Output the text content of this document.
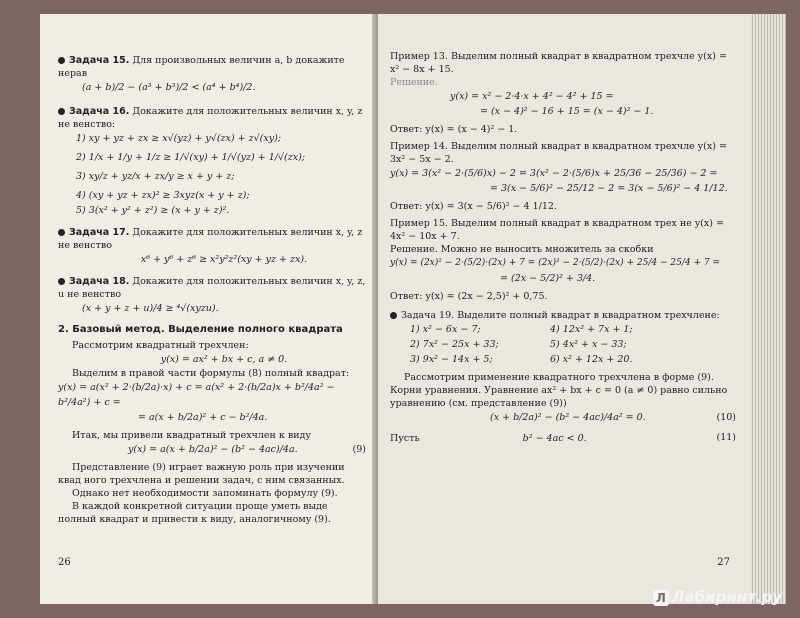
Задача 15. Для произвольных величин a, b докажите нерав
(a + b)/2 − (a³ + b³)/2 < (a⁴ + b⁴)/2.
Задача 16. Докажите для положительных величин x, y, z не венство:
1) xy + yz + zx ≥ x√(yz) + y√(zx) + z√(xy);
2) 1/x + 1/y + 1/z ≥ 1/√(xy) + 1/√(yz) + 1/√(zx);
3) xy/z + yz/x + zx/y ≥ x + y + z;
4) (xy + yz + zx)² ≥ 3xyz(x + y + z);
5) 3(x² + y² + z²) ≥ (x + y + z)².
Задача 17. Докажите для положительных величин x, y, z не венство
x⁶ + y⁶ + z⁶ ≥ x²y²z²(xy + yz + zx).
Задача 18. Докажите для положительных величин x, y, z, u не венство
(x + y + z + u)/4 ≥ ⁴√(xyzu).
2. Базовый метод. Выделение полного квадрата
Рассмотрим квадратный трехчлен:
y(x) = ax² + bx + c, a ≠ 0.
Выделим в правой части формулы (8) полный квадрат:
y(x) = a(x² + 2·(b/2a)·x) + c = a(x² + 2·(b/2a)x + b²/4a² − b²/4a²) + c =
= a(x + b/2a)² + c − b²/4a.
Итак, мы привели квадратный трехчлен к виду
y(x) = a(x + b/2a)² − (b² − 4ac)/4a.	(9)
Представление (9) играет важную роль при изучении квад ного трехчлена и решении задач, с ним связанных.
Однако нет необходимости запоминать формулу (9).
В каждой конкретной ситуации проще уметь выде полный квадрат и привести к виду, аналогичному (9).
26
Пример 13. Выделим полный квадрат в квадратном трехчле y(x) = x² − 8x + 15.
Решение.
y(x) = x² − 2·4·x + 4² − 4² + 15 =
= (x − 4)² − 16 + 15 = (x − 4)² − 1.
Ответ: y(x) = (x − 4)² − 1.
Пример 14. Выделим полный квадрат в квадратном трехчле y(x) = 3x² − 5x − 2.
y(x) = 3(x² − 2·(5/6)x) − 2 = 3(x² − 2·(5/6)x + 25/36 − 25/36) − 2 =
= 3(x − 5/6)² − 25/12 − 2 = 3(x − 5/6)² − 4 1/12.
Ответ: y(x) = 3(x − 5/6)² − 4 1/12.
Пример 15. Выделим полный квадрат в квадратном трех не y(x) = 4x² − 10x + 7.
Решение. Можно не выносить множитель за скобки
y(x) = (2x)² − 2·(5/2)·(2x) + 7 = (2x)² − 2·(5/2)·(2x) + 25/4 − 25/4 + 7 =
= (2x − 5/2)² + 3/4.
Ответ: y(x) = (2x − 2,5)² + 0,75.
Задача 19. Выделите полный квадрат в квадратном трехчлене:
1) x² − 6x − 7;	4) 12x² + 7x + 1;
2) 7x² − 25x + 33;	5) 4x² + x − 33;
3) 9x² − 14x + 5;	6) x² + 12x + 20.
Рассмотрим применение квадратного трехчлена в форме (9).
Корни уравнения. Уравнение ax² + bx + c = 0 (a ≠ 0) равно сильно уравнению (см. представление (9))
(x + b/2a)² − (b² − 4ac)/4a² = 0.	(10)
Пусть	b² − 4ac < 0.	(11)
27
Л Лабиринт.ру
